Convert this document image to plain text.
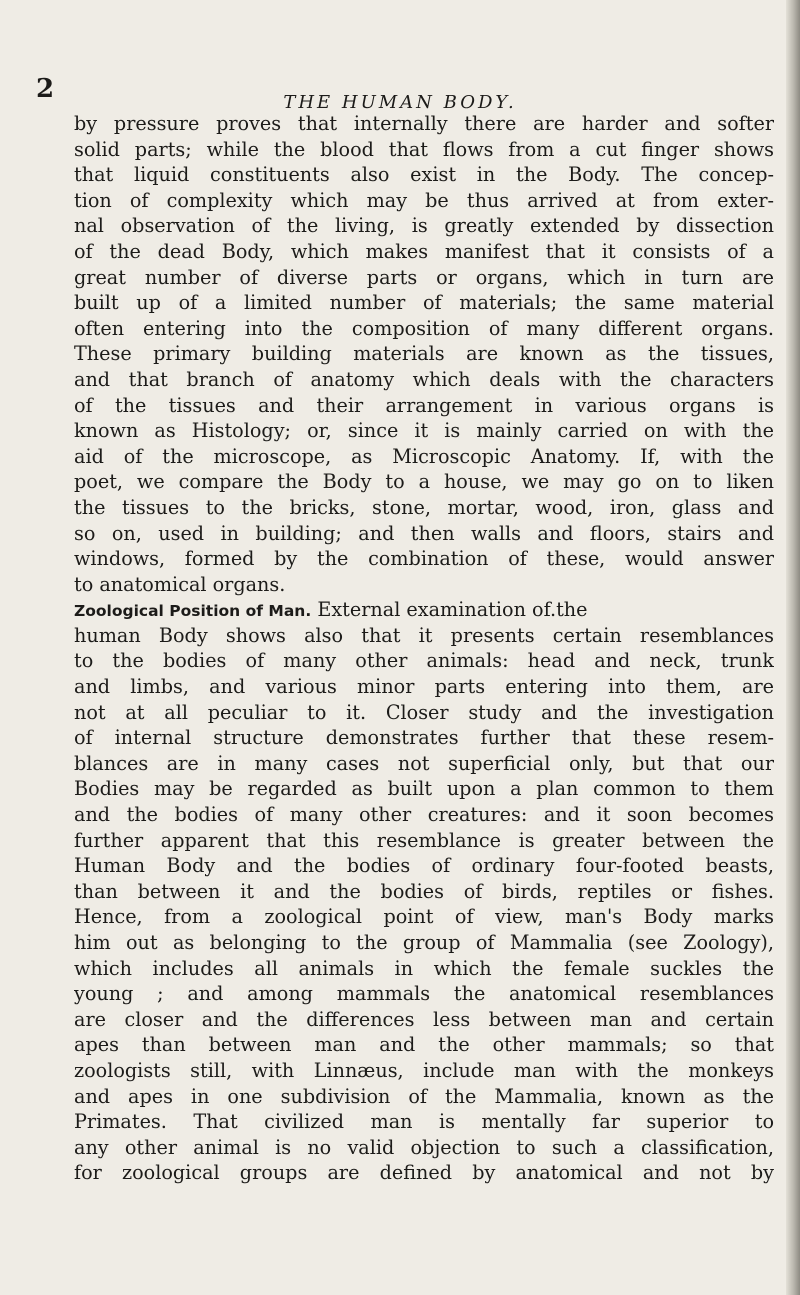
2	THE HUMAN BODY.
by pressure proves that internally there are harder and softer
solid parts; while the blood that flows from a cut finger shows
that liquid constituents also exist in the Body. The concep-
tion of complexity which may be thus arrived at from exter-
nal observation of the living, is greatly extended by dissection
of the dead Body, which makes manifest that it consists of a
great number of diverse parts or organs, which in turn are
built up of a limited number of materials; the same material
often entering into the composition of many different organs.
These primary building materials are known as the tissues,
and that branch of anatomy which deals with the characters
of the tissues and their arrangement in various organs is
known as Histology; or, since it is mainly carried on with the
aid of the microscope, as Microscopic Anatomy. If, with the
poet, we compare the Body to a house, we may go on to liken
the tissues to the bricks, stone, mortar, wood, iron, glass and
so on, used in building; and then walls and floors, stairs and
windows, formed by the combination of these, would answer
to anatomical organs.
Zoological Position of Man. External examination of.the
human Body shows also that it presents certain resemblances
to the bodies of many other animals: head and neck, trunk
and limbs, and various minor parts entering into them, are
not at all peculiar to it. Closer study and the investigation
of internal structure demonstrates further that these resem-
blances are in many cases not superficial only, but that our
Bodies may be regarded as built upon a plan common to them
and the bodies of many other creatures: and it soon becomes
further apparent that this resemblance is greater between the
Human Body and the bodies of ordinary four-footed beasts,
than between it and the bodies of birds, reptiles or fishes.
Hence, from a zoological point of view, man's Body marks
him out as belonging to the group of Mammalia (see Zoology),
which includes all animals in which the female suckles the
young ; and among mammals the anatomical resemblances
are closer and the differences less between man and certain
apes than between man and the other mammals; so that
zoologists still, with Linnæus, include man with the monkeys
and apes in one subdivision of the Mammalia, known as the
Primates. That civilized man is mentally far superior to
any other animal is no valid objection to such a classification,
for zoological groups are defined by anatomical and not by
